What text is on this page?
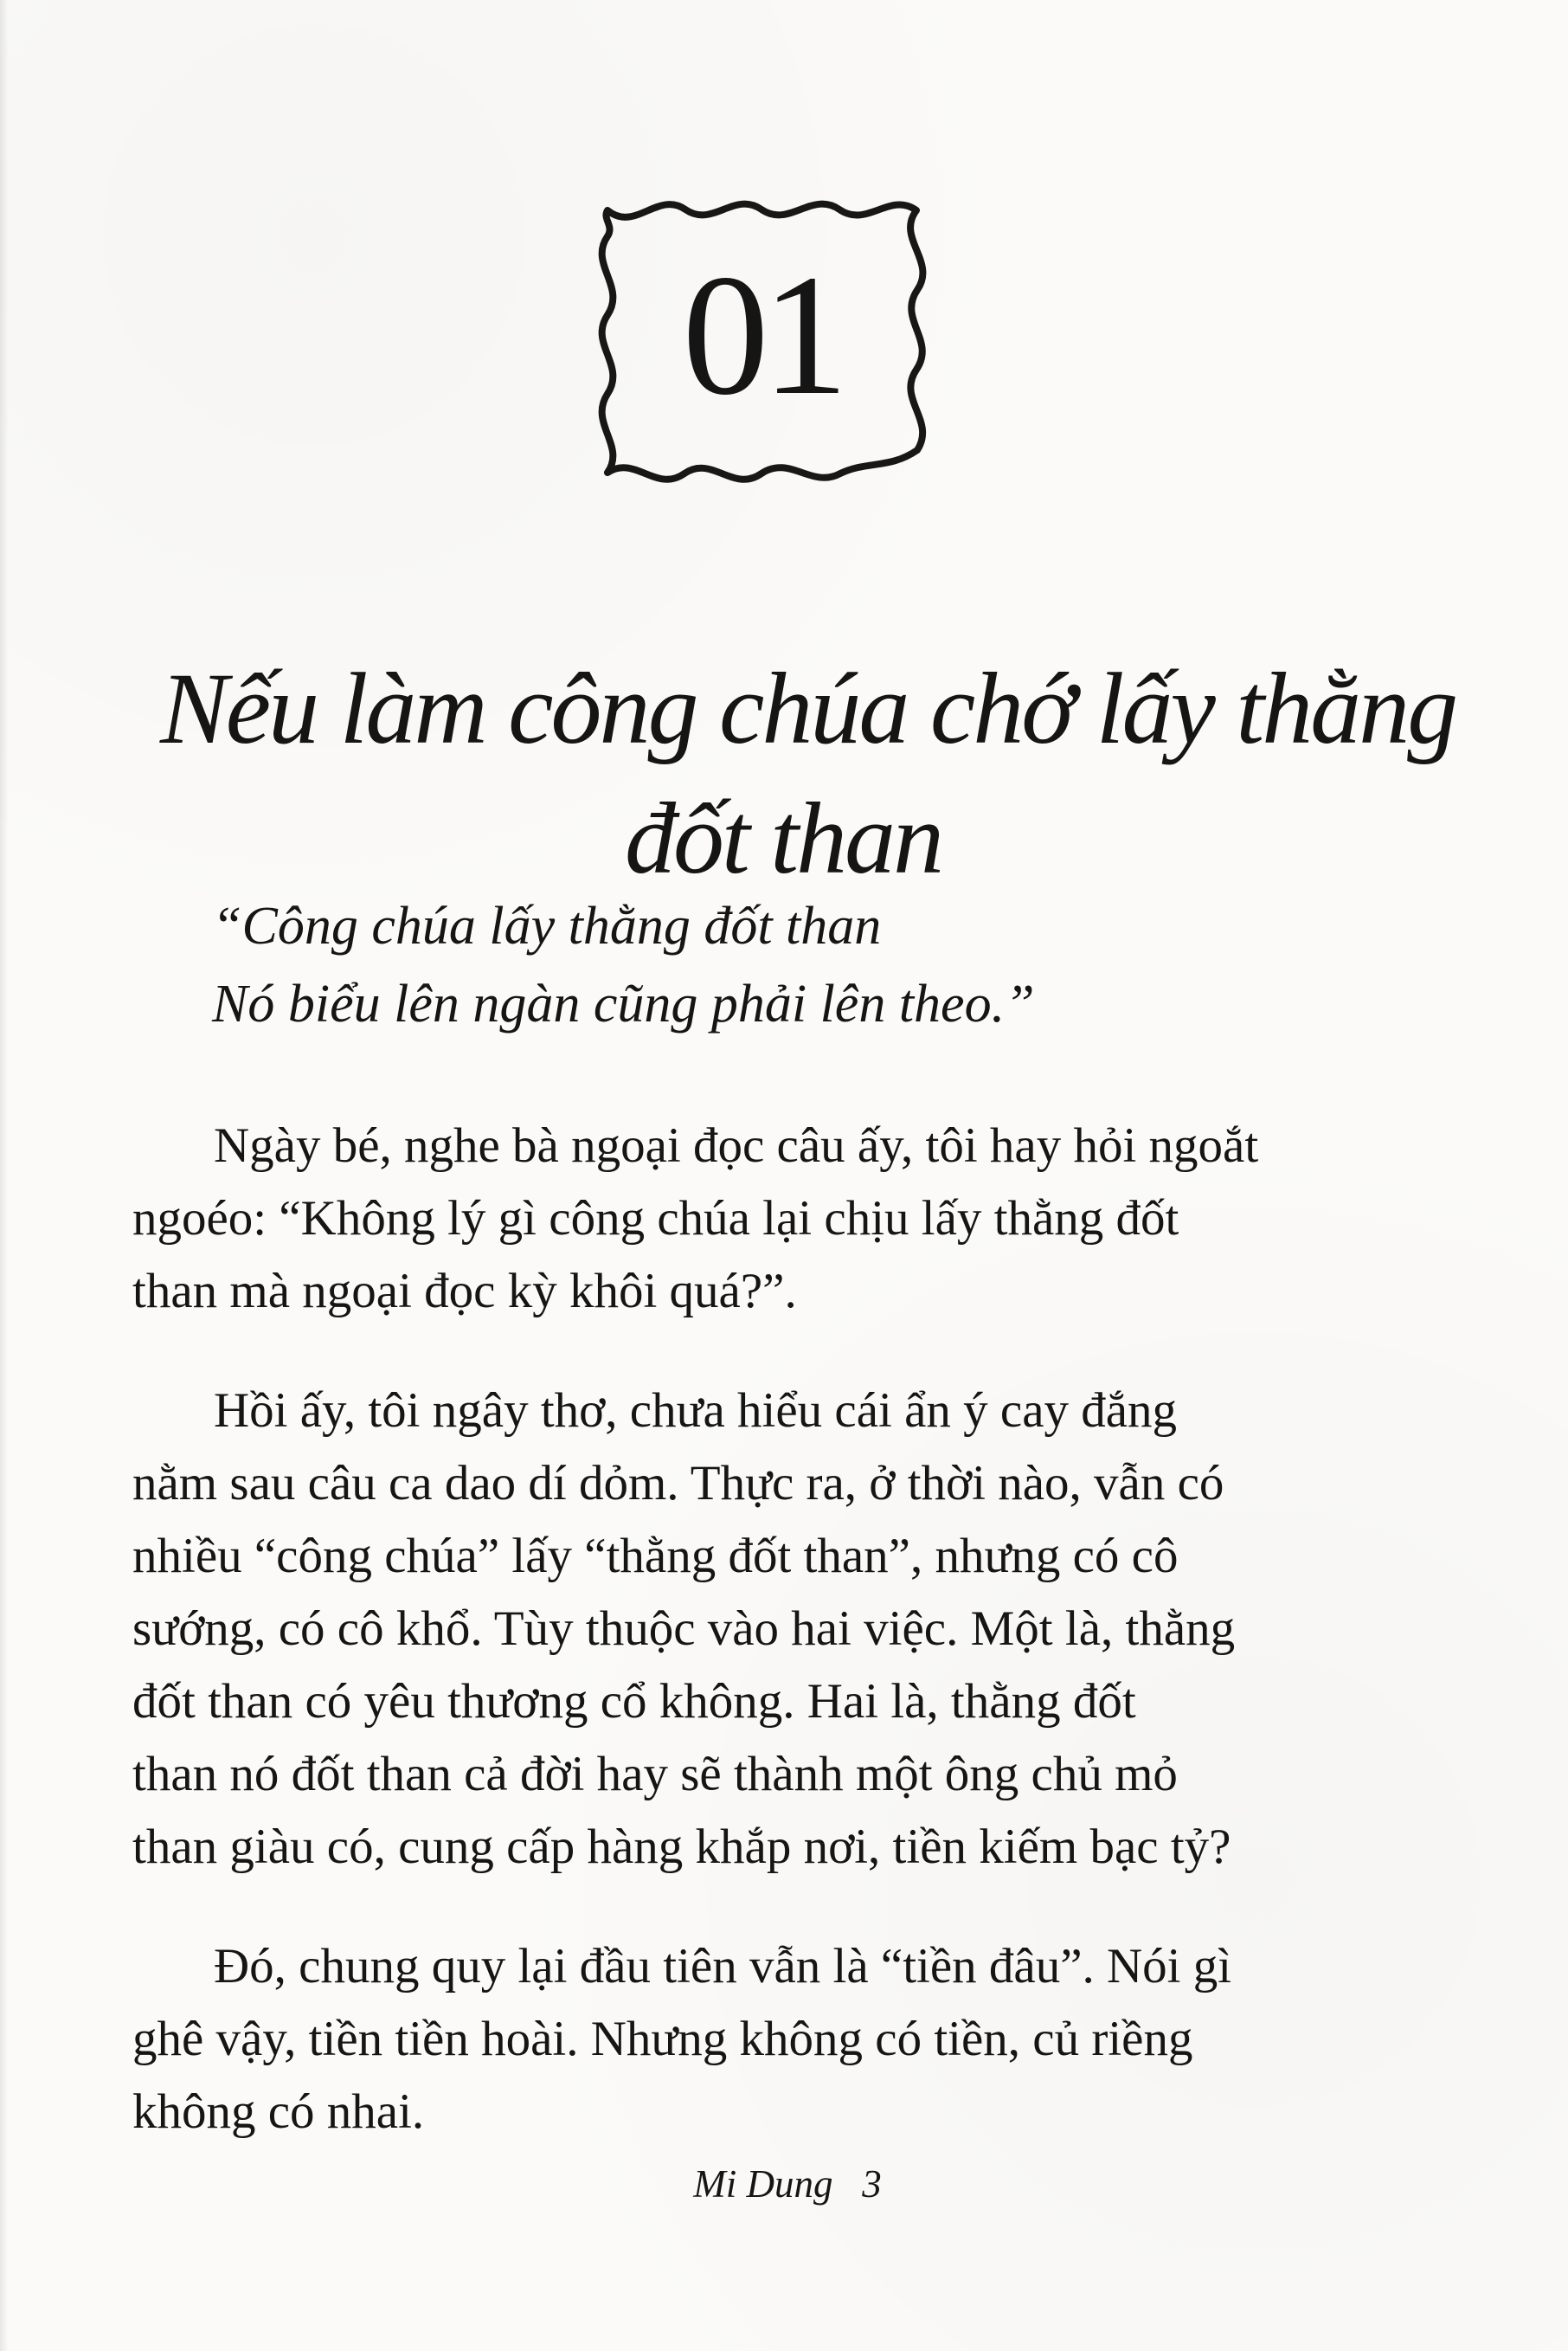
01
Nếu làm công chúa chớ lấy thằng
đốt than
“Công chúa lấy thằng đốt than
Nó biểu lên ngàn cũng phải lên theo.”

Ngày bé, nghe bà ngoại đọc câu ấy, tôi hay hỏi ngoắt
ngoéo: “Không lý gì công chúa lại chịu lấy thằng đốt
than mà ngoại đọc kỳ khôi quá?”.

Hồi ấy, tôi ngây thơ, chưa hiểu cái ẩn ý cay đắng
nằm sau câu ca dao dí dỏm. Thực ra, ở thời nào, vẫn có
nhiều “công chúa” lấy “thằng đốt than”, nhưng có cô
sướng, có cô khổ. Tùy thuộc vào hai việc. Một là, thằng
đốt than có yêu thương cổ không. Hai là, thằng đốt
than nó đốt than cả đời hay sẽ thành một ông chủ mỏ
than giàu có, cung cấp hàng khắp nơi, tiền kiếm bạc tỷ?

Đó, chung quy lại đầu tiên vẫn là “tiền đâu”. Nói gì
ghê vậy, tiền tiền hoài. Nhưng không có tiền, củ riềng
không có nhai.

Mi Dung 3
